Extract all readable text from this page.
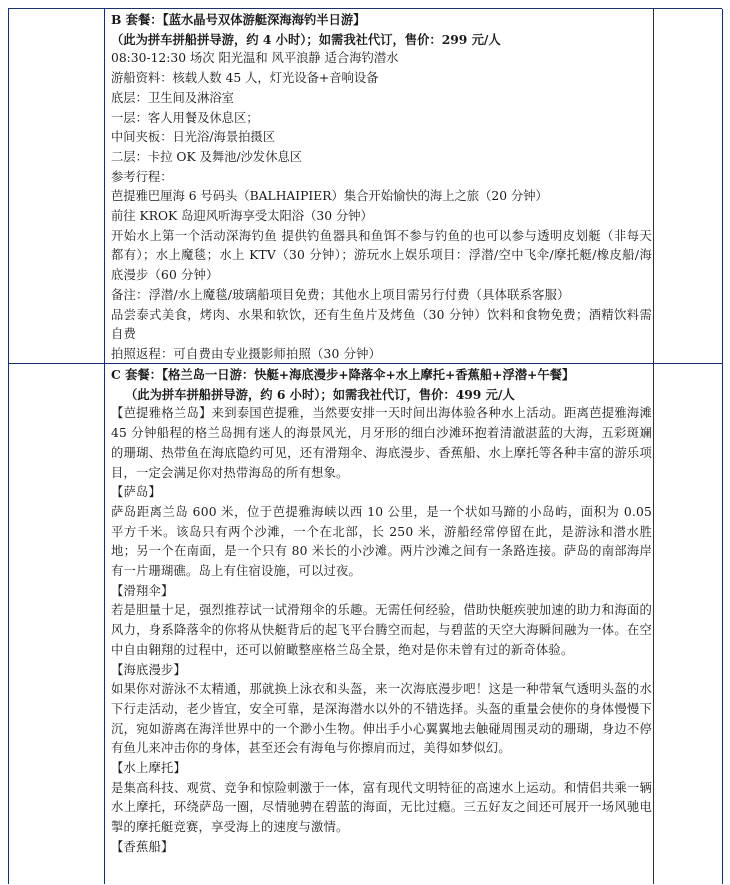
B 套餐：【蓝水晶号双体游艇深海海钓半日游】
（此为拼车拼船拼导游，约 4 小时）；如需我社代订，售价：299 元/人
08:30-12:30 场次 阳光温和 风平浪静 适合海钓潜水
游船资料：核载人数 45 人，灯光设备+音响设备
底层：卫生间及淋浴室
一层：客人用餐及休息区；
中间夹板：日光浴/海景拍摄区
二层：卡拉 OK 及舞池/沙发休息区
参考行程：
芭提雅巴厘海 6 号码头（BALHAIPIER）集合开始愉快的海上之旅（20 分钟）
前往 KROK 岛迎风听海享受太阳浴（30 分钟）
开始水上第一个活动深海钓鱼 提供钓鱼器具和鱼饵不参与钓鱼的也可以参与透明皮划艇（非每天都有）；水上魔毯；水上 KTV（30 分钟）；游玩水上娱乐项目：浮潜/空中飞伞/摩托艇/橡皮船/海底漫步（60 分钟）
备注：浮潜/水上魔毯/玻璃船项目免费；其他水上项目需另行付费（具体联系客服）
品尝泰式美食，烤肉、水果和软饮，还有生鱼片及烤鱼（30 分钟）饮料和食物免费；酒精饮料需自费
拍照返程：可自费由专业摄影师拍照（30 分钟）
C 套餐：【格兰岛一日游：快艇+海底漫步+降落伞+水上摩托+香蕉船+浮潜+午餐】
（此为拼车拼船拼导游，约 6 小时）；如需我社代订，售价：499 元/人
【芭提雅格兰岛】来到泰国芭提雅，当然要安排一天时间出海体验各种水上活动。距离芭提雅海滩 45 分钟船程的格兰岛拥有迷人的海景风光，月牙形的细白沙滩环抱着清澈湛蓝的大海，五彩斑斓的珊瑚、热带鱼在海底隐约可见，还有滑翔伞、海底漫步、香蕉船、水上摩托等各种丰富的游乐项目，一定会满足你对热带海岛的所有想象。
【萨岛】
萨岛距离兰岛 600 米，位于芭提雅海峡以西 10 公里，是一个状如马蹄的小岛屿，面积为 0.05 平方千米。该岛只有两个沙滩，一个在北部，长 250 米，游船经常停留在此，是游泳和潜水胜地；另一个在南面，是一个只有 80 米长的小沙滩。两片沙滩之间有一条路连接。萨岛的南部海岸有一片珊瑚礁。岛上有住宿设施，可以过夜。
【滑翔伞】
若是胆量十足，强烈推荐试一试滑翔伞的乐趣。无需任何经验，借助快艇疾驶加速的助力和海面的风力，身系降落伞的你将从快艇背后的起飞平台腾空而起，与碧蓝的天空大海瞬间融为一体。在空中自由翱翔的过程中，还可以俯瞰整座格兰岛全景，绝对是你未曾有过的新奇体验。
【海底漫步】
如果你对游泳不太精通，那就换上泳衣和头盔，来一次海底漫步吧！这是一种带氧气透明头盔的水下行走活动，老少皆宜，安全可靠，是深海潜水以外的不错选择。头盔的重量会使你的身体慢慢下沉，宛如游离在海洋世界中的一个渺小生物。伸出手小心翼翼地去触碰周围灵动的珊瑚，身边不停有鱼儿来冲击你的身体，甚至还会有海龟与你擦肩而过，美得如梦似幻。
【水上摩托】
是集高科技、观赏、竞争和惊险刺激于一体，富有现代文明特征的高速水上运动。和情侣共乘一辆水上摩托，环绕萨岛一圈，尽情驰骋在碧蓝的海面，无比过瘾。三五好友之间还可展开一场风驰电掣的摩托艇竞赛，享受海上的速度与激情。
【香蕉船】
